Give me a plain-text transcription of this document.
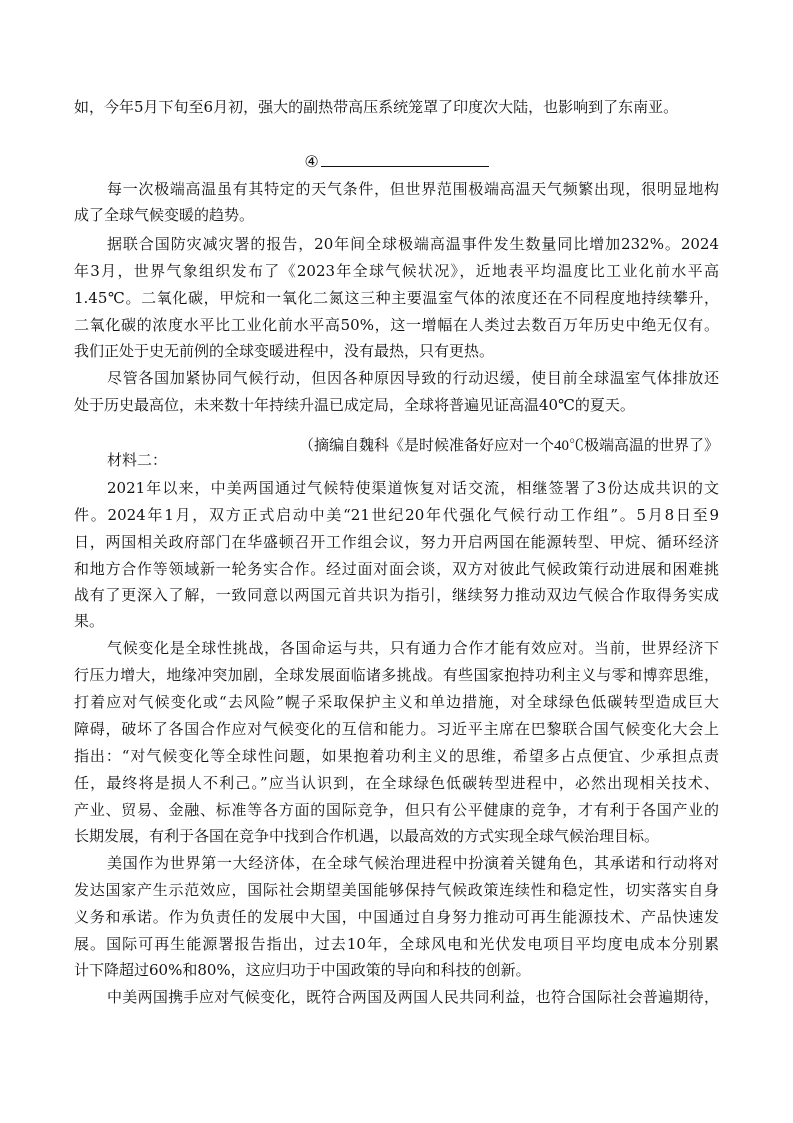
如，今年5月下旬至6月初，强大的副热带高压系统笼罩了印度次大陆，也影响到了东南亚。

④

每一次极端高温虽有其特定的天气条件，但世界范围极端高温天气频繁出现，很明显地构

成了全球气候变暖的趋势。

据联合国防灾减灾署的报告，20年间全球极端高温事件发生数量同比增加232%。2024

年3月，世界气象组织发布了《2023年全球气候状况》，近地表平均温度比工业化前水平高

1.45℃。二氧化碳，甲烷和一氧化二氮这三种主要温室气体的浓度还在不同程度地持续攀升，

二氧化碳的浓度水平比工业化前水平高50%，这一增幅在人类过去数百万年历史中绝无仅有。

我们正处于史无前例的全球变暖进程中，没有最热，只有更热。

尽管各国加紧协同气候行动，但因各种原因导致的行动迟缓，使目前全球温室气体排放还

处于历史最高位，未来数十年持续升温已成定局，全球将普遍见证高温40℃的夏天。

（摘编自魏科《是时候准备好应对一个40℃极端高温的世界了》

材料二：

2021年以来，中美两国通过气候特使渠道恢复对话交流，相继签署了3份达成共识的文

件。2024年1月，双方正式启动中美“21世纪20年代强化气候行动工作组”。5月8日至9

日，两国相关政府部门在华盛顿召开工作组会议，努力开启两国在能源转型、甲烷、循环经济

和地方合作等领域新一轮务实合作。经过面对面会谈，双方对彼此气候政策行动进展和困难挑

战有了更深入了解，一致同意以两国元首共识为指引，继续努力推动双边气候合作取得务实成

果。

气候变化是全球性挑战，各国命运与共，只有通力合作才能有效应对。当前，世界经济下

行压力增大，地缘冲突加剧，全球发展面临诸多挑战。有些国家抱持功利主义与零和博弈思维，

打着应对气候变化或“去风险”幌子采取保护主义和单边措施，对全球绿色低碳转型造成巨大

障碍，破坏了各国合作应对气候变化的互信和能力。习近平主席在巴黎联合国气候变化大会上

指出：“对气候变化等全球性问题，如果抱着功利主义的思维，希望多占点便宜、少承担点责

任，最终将是损人不利己。”应当认识到，在全球绿色低碳转型进程中，必然出现相关技术、

产业、贸易、金融、标准等各方面的国际竞争，但只有公平健康的竞争，才有利于各国产业的

长期发展，有利于各国在竞争中找到合作机遇，以最高效的方式实现全球气候治理目标。

美国作为世界第一大经济体，在全球气候治理进程中扮演着关键角色，其承诺和行动将对

发达国家产生示范效应，国际社会期望美国能够保持气候政策连续性和稳定性，切实落实自身

义务和承诺。作为负责任的发展中大国，中国通过自身努力推动可再生能源技术、产品快速发

展。国际可再生能源署报告指出，过去10年，全球风电和光伏发电项目平均度电成本分别累

计下降超过60%和80%，这应归功于中国政策的导向和科技的创新。

中美两国携手应对气候变化，既符合两国及两国人民共同利益，也符合国际社会普遍期待，
